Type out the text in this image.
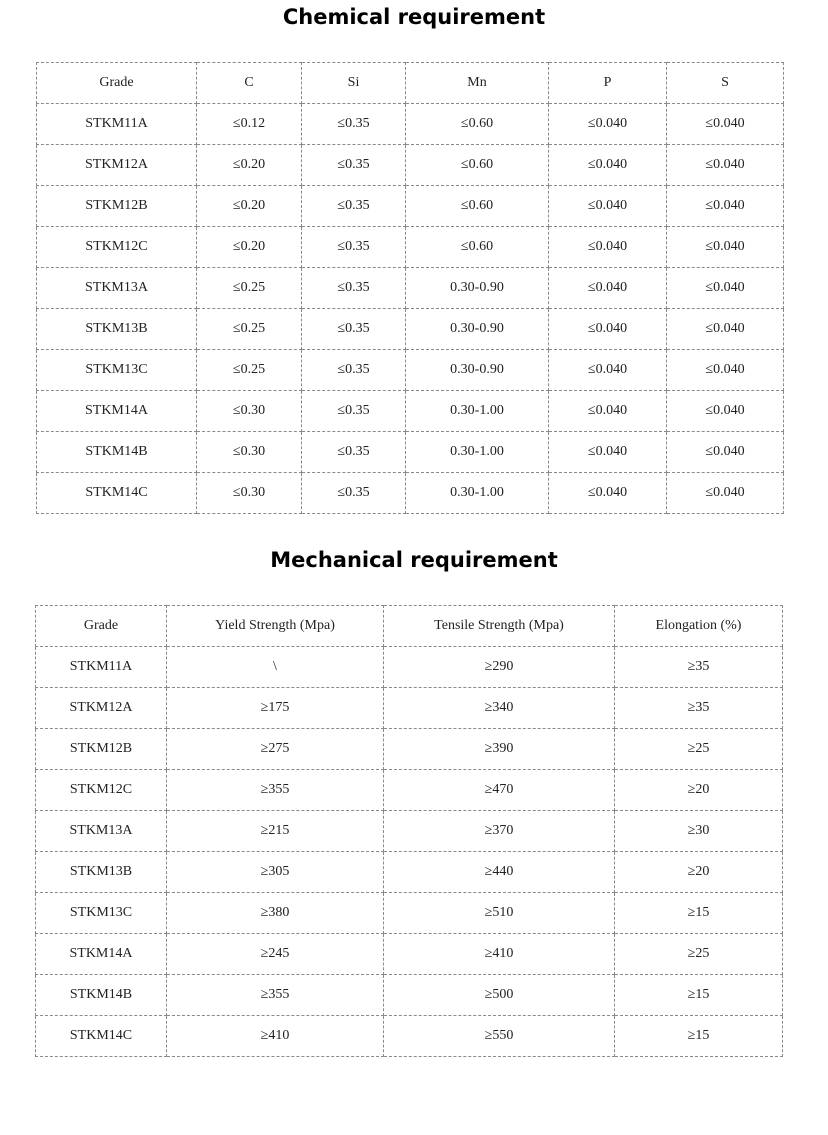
Chemical requirement
Grade	C	Si	Mn	P	S
STKM11A	≤0.12	≤0.35	≤0.60	≤0.040	≤0.040
STKM12A	≤0.20	≤0.35	≤0.60	≤0.040	≤0.040
STKM12B	≤0.20	≤0.35	≤0.60	≤0.040	≤0.040
STKM12C	≤0.20	≤0.35	≤0.60	≤0.040	≤0.040
STKM13A	≤0.25	≤0.35	0.30-0.90	≤0.040	≤0.040
STKM13B	≤0.25	≤0.35	0.30-0.90	≤0.040	≤0.040
STKM13C	≤0.25	≤0.35	0.30-0.90	≤0.040	≤0.040
STKM14A	≤0.30	≤0.35	0.30-1.00	≤0.040	≤0.040
STKM14B	≤0.30	≤0.35	0.30-1.00	≤0.040	≤0.040
STKM14C	≤0.30	≤0.35	0.30-1.00	≤0.040	≤0.040
Mechanical requirement
Grade	Yield Strength (Mpa)	Tensile Strength (Mpa)	Elongation (%)
STKM11A	\	≥290	≥35
STKM12A	≥175	≥340	≥35
STKM12B	≥275	≥390	≥25
STKM12C	≥355	≥470	≥20
STKM13A	≥215	≥370	≥30
STKM13B	≥305	≥440	≥20
STKM13C	≥380	≥510	≥15
STKM14A	≥245	≥410	≥25
STKM14B	≥355	≥500	≥15
STKM14C	≥410	≥550	≥15
